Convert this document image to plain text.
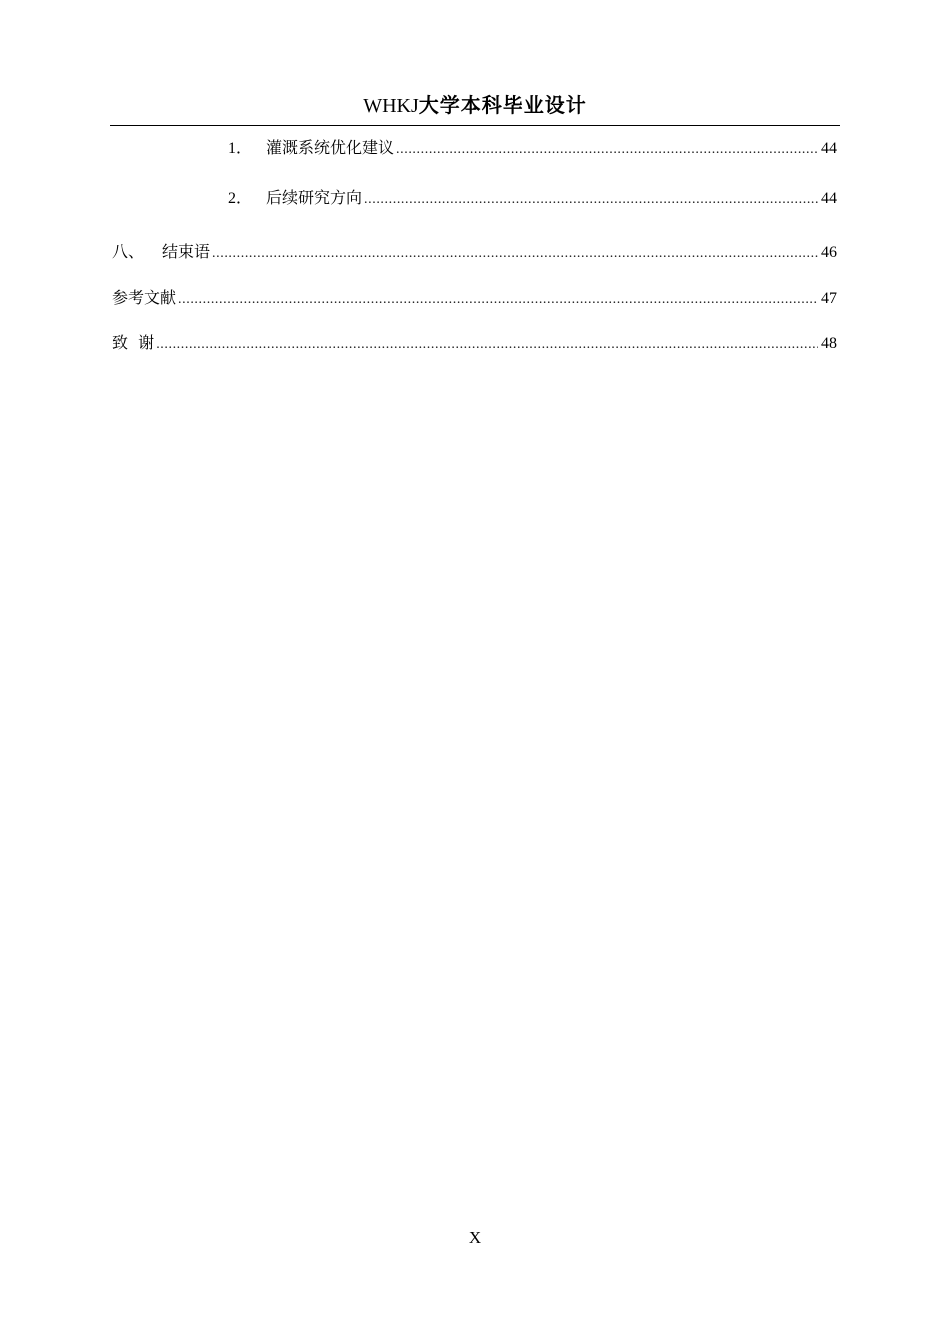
WHKJ大学本科毕业设计
1． 灌溉系统优化建议 .....	44
2． 后续研究方向 .....	44
八、	结束语 .....	46
参考文献 .....	47
致  谢 .....	48
X
